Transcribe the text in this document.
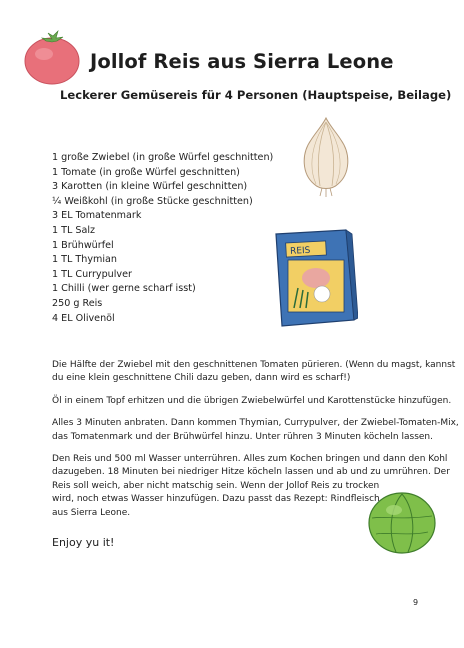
Jollof Reis aus Sierra Leone
Leckerer Gemüsereis für 4 Personen (Hauptspeise, Beilage)
1 große Zwiebel (in große Würfel geschnitten)
1 Tomate (in große Würfel geschnitten)
3 Karotten (in kleine Würfel geschnitten)
¼ Weißkohl (in große Stücke geschnitten)
3 EL Tomatenmark
1 TL Salz
1 Brühwürfel
1 TL Thymian
1 TL Currypulver
1 Chilli (wer gerne scharf isst)
250 g Reis
4 EL Olivenöl
REIS

Die Hälfte der Zwiebel mit den geschnittenen Tomaten pürieren. (Wenn du magst, kannst
du eine klein geschnittene Chili dazu geben, dann wird es scharf!)

Öl in einem Topf erhitzen und die übrigen Zwiebelwürfel und Karottenstücke hinzufügen.

Alles 3 Minuten anbraten. Dann kommen Thymian, Currypulver, der Zwiebel-Tomaten-Mix,
das Tomatenmark und der Brühwürfel hinzu. Unter rühren 3 Minuten köcheln lassen.

Den Reis und 500 ml Wasser unterrühren. Alles zum Kochen bringen und dann den Kohl
dazugeben. 18 Minuten bei niedriger Hitze köcheln lassen und ab und zu umrühren. Der
Reis soll weich, aber nicht matschig sein. Wenn der Jollof Reis zu trocken
wird, noch etwas Wasser hinzufügen. Dazu passt das Rezept: Rindfleisch
aus Sierra Leone.

Enjoy yu it!
9
